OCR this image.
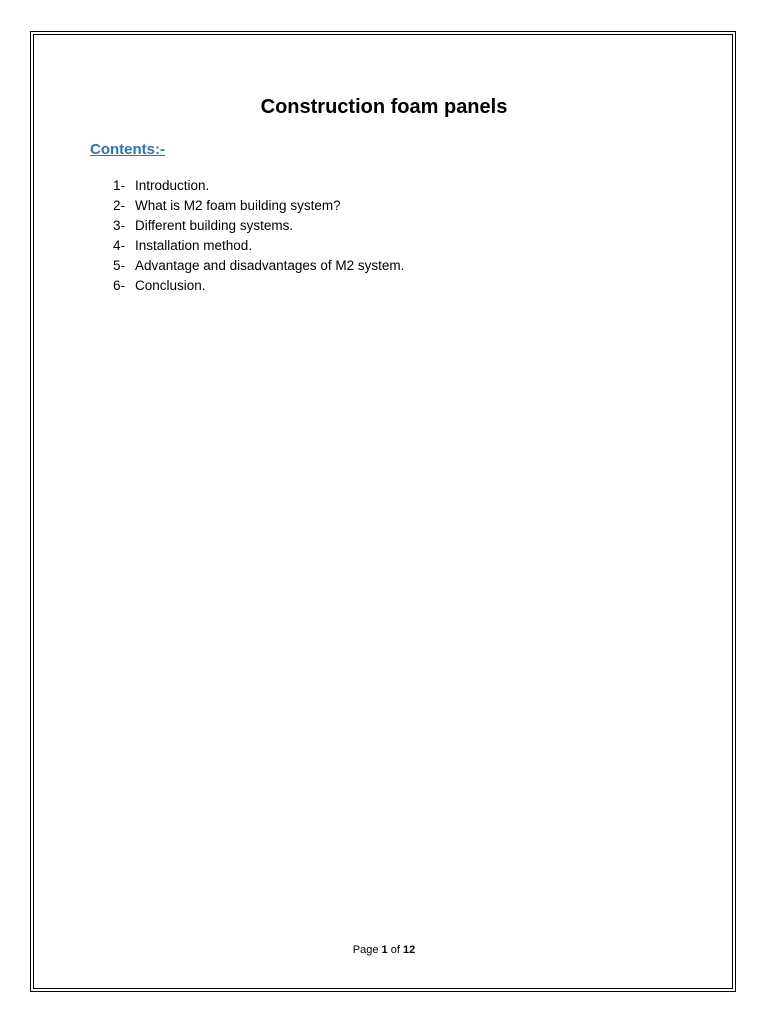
Construction foam panels
Contents:-
1- Introduction.
2- What is M2 foam building system?
3- Different building systems.
4- Installation method.
5- Advantage and disadvantages of M2 system.
6- Conclusion.
Page 1 of 12
